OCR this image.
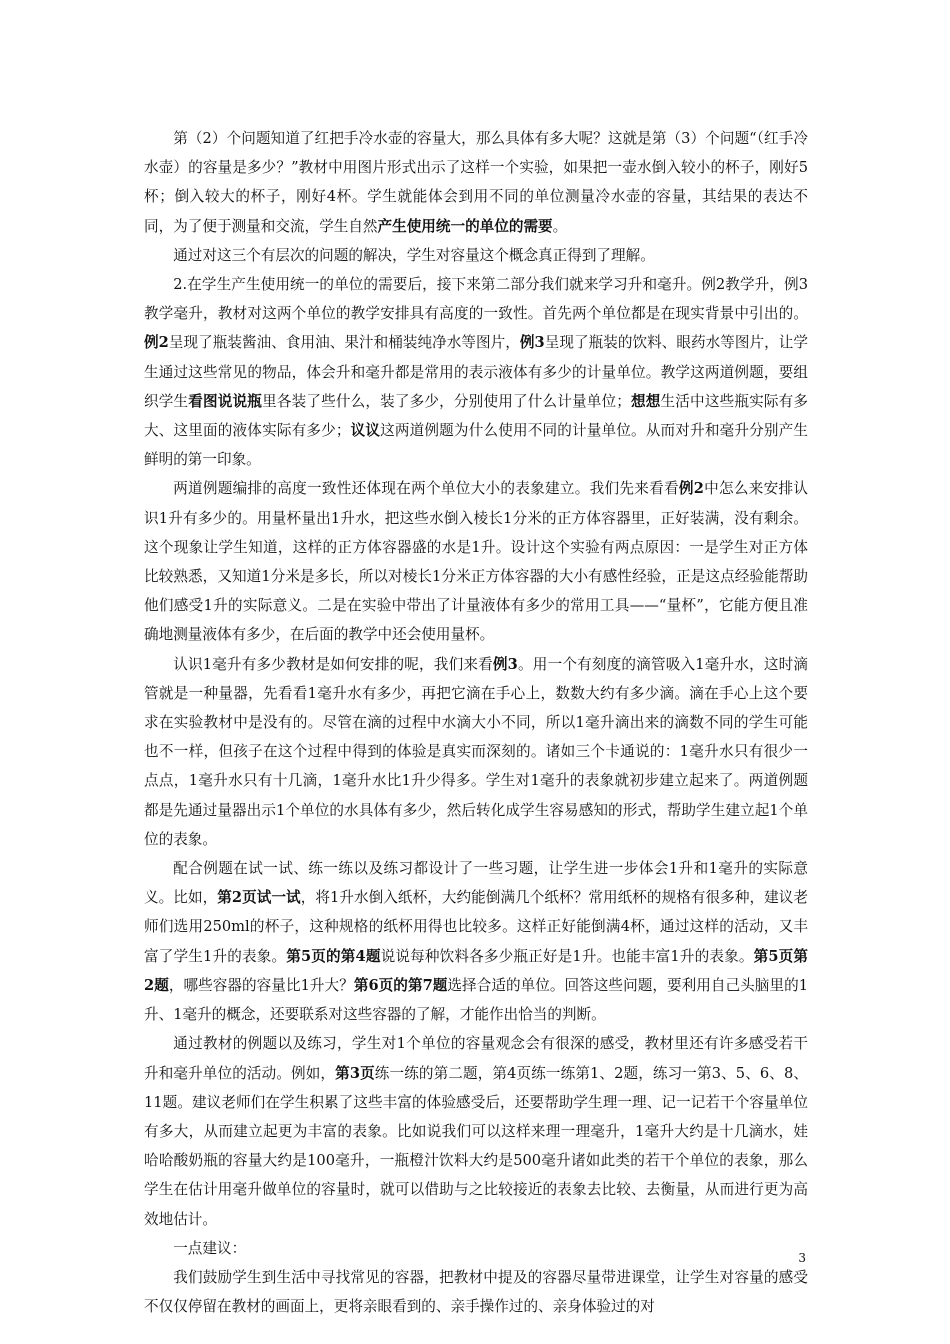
第（2）个问题知道了红把手冷水壶的容量大，那么具体有多大呢？这就是第（3）个问题“（红手冷水壶）的容量是多少？”教材中用图片形式出示了这样一个实验，如果把一壶水倒入较小的杯子，刚好5杯；倒入较大的杯子，刚好4杯。学生就能体会到用不同的单位测量冷水壶的容量，其结果的表达不同，为了便于测量和交流，学生自然产生使用统一的单位的需要。

通过对这三个有层次的问题的解决，学生对容量这个概念真正得到了理解。

2.在学生产生使用统一的单位的需要后，接下来第二部分我们就来学习升和毫升。例2教学升，例3教学毫升，教材对这两个单位的教学安排具有高度的一致性。首先两个单位都是在现实背景中引出的。例2呈现了瓶装酱油、食用油、果汁和桶装纯净水等图片，例3呈现了瓶装的饮料、眼药水等图片，让学生通过这些常见的物品，体会升和毫升都是常用的表示液体有多少的计量单位。教学这两道例题，要组织学生看图说说瓶里各装了些什么，装了多少，分别使用了什么计量单位；想想生活中这些瓶实际有多大、这里面的液体实际有多少；议议这两道例题为什么使用不同的计量单位。从而对升和毫升分别产生鲜明的第一印象。

两道例题编排的高度一致性还体现在两个单位大小的表象建立。我们先来看看例2中怎么来安排认识1升有多少的。用量杯量出1升水，把这些水倒入棱长1分米的正方体容器里，正好装满，没有剩余。这个现象让学生知道，这样的正方体容器盛的水是1升。设计这个实验有两点原因：一是学生对正方体比较熟悉，又知道1分米是多长，所以对棱长1分米正方体容器的大小有感性经验，正是这点经验能帮助他们感受1升的实际意义。二是在实验中带出了计量液体有多少的常用工具——“量杯”，它能方便且准确地测量液体有多少，在后面的教学中还会使用量杯。

认识1毫升有多少教材是如何安排的呢，我们来看例3。用一个有刻度的滴管吸入1毫升水，这时滴管就是一种量器，先看看1毫升水有多少，再把它滴在手心上，数数大约有多少滴。滴在手心上这个要求在实验教材中是没有的。尽管在滴的过程中水滴大小不同，所以1毫升滴出来的滴数不同的学生可能也不一样，但孩子在这个过程中得到的体验是真实而深刻的。诸如三个卡通说的：1毫升水只有很少一点点，1毫升水只有十几滴，1毫升水比1升少得多。学生对1毫升的表象就初步建立起来了。两道例题都是先通过量器出示1个单位的水具体有多少，然后转化成学生容易感知的形式，帮助学生建立起1个单位的表象。

配合例题在试一试、练一练以及练习都设计了一些习题，让学生进一步体会1升和1毫升的实际意义。比如，第2页试一试，将1升水倒入纸杯，大约能倒满几个纸杯？常用纸杯的规格有很多种，建议老师们选用250ml的杯子，这种规格的纸杯用得也比较多。这样正好能倒满4杯，通过这样的活动，又丰富了学生1升的表象。第5页的第4题说说每种饮料各多少瓶正好是1升。也能丰富1升的表象。第5页第2题，哪些容器的容量比1升大？第6页的第7题选择合适的单位。回答这些问题，要利用自己头脑里的1升、1毫升的概念，还要联系对这些容器的了解，才能作出恰当的判断。

通过教材的例题以及练习，学生对1个单位的容量观念会有很深的感受，教材里还有许多感受若干升和毫升单位的活动。例如，第3页练一练的第二题，第4页练一练第1、2题，练习一第3、5、6、8、11题。建议老师们在学生积累了这些丰富的体验感受后，还要帮助学生理一理、记一记若干个容量单位有多大，从而建立起更为丰富的表象。比如说我们可以这样来理一理毫升，1毫升大约是十几滴水，娃哈哈酸奶瓶的容量大约是100毫升，一瓶橙汁饮料大约是500毫升诸如此类的若干个单位的表象，那么学生在估计用毫升做单位的容量时，就可以借助与之比较接近的表象去比较、去衡量，从而进行更为高效地估计。

一点建议：

我们鼓励学生到生活中寻找常见的容器，把教材中提及的容器尽量带进课堂，让学生对容量的感受不仅仅停留在教材的画面上，更将亲眼看到的、亲手操作过的、亲身体验过的对

3
